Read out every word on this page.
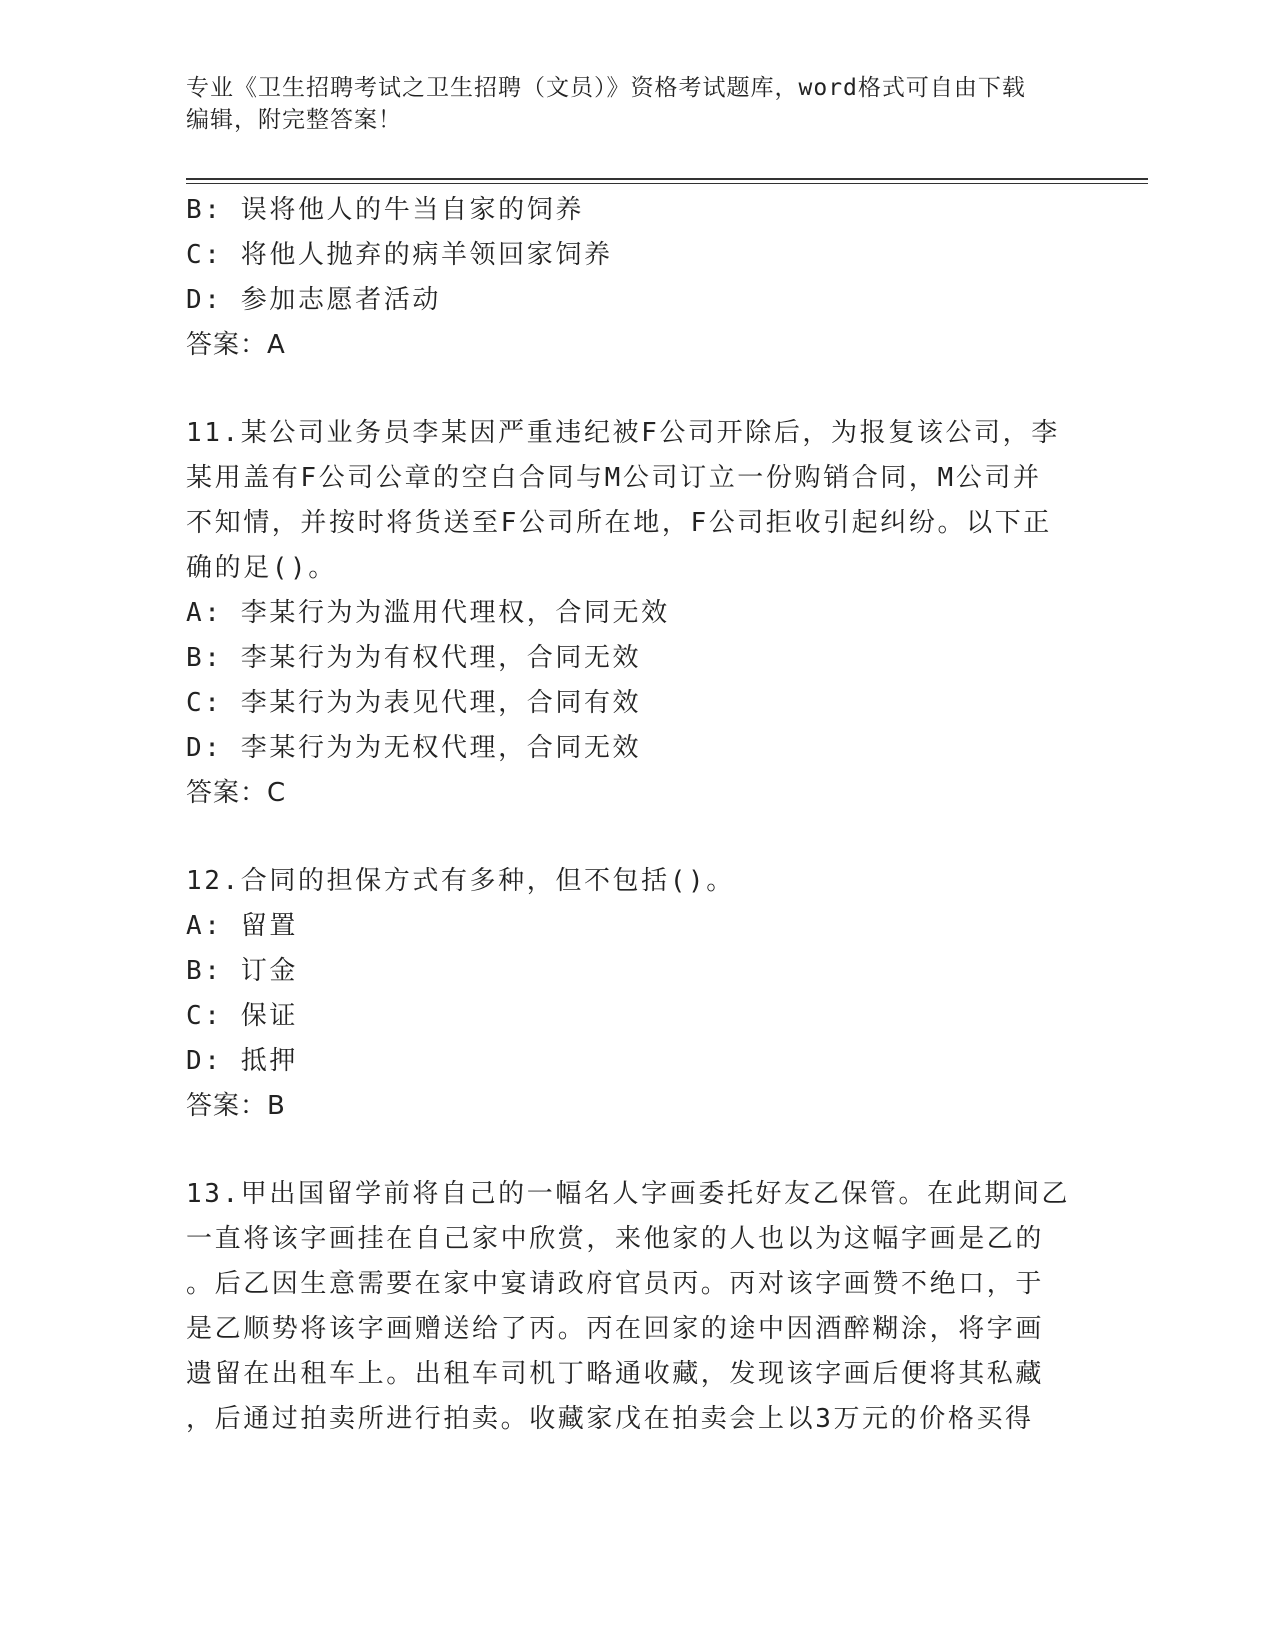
专业《卫生招聘考试之卫生招聘（文员）》资格考试题库，word格式可自由下载
编辑，附完整答案！
B: 误将他人的牛当自家的饲养
C: 将他人抛弃的病羊领回家饲养
D: 参加志愿者活动
答案：A
11.某公司业务员李某因严重违纪被F公司开除后，为报复该公司，李
某用盖有F公司公章的空白合同与M公司订立一份购销合同，M公司并
不知情，并按时将货送至F公司所在地，F公司拒收引起纠纷。以下正
确的足()。
A: 李某行为为滥用代理权，合同无效
B: 李某行为为有权代理，合同无效
C: 李某行为为表见代理，合同有效
D: 李某行为为无权代理，合同无效
答案：C
12.合同的担保方式有多种，但不包括()。
A: 留置
B: 订金
C: 保证
D: 抵押
答案：B
13.甲出国留学前将自己的一幅名人字画委托好友乙保管。在此期间乙
一直将该字画挂在自己家中欣赏，来他家的人也以为这幅字画是乙的
。后乙因生意需要在家中宴请政府官员丙。丙对该字画赞不绝口，于
是乙顺势将该字画赠送给了丙。丙在回家的途中因酒醉糊涂，将字画
遗留在出租车上。出租车司机丁略通收藏，发现该字画后便将其私藏
，后通过拍卖所进行拍卖。收藏家戊在拍卖会上以3万元的价格买得
